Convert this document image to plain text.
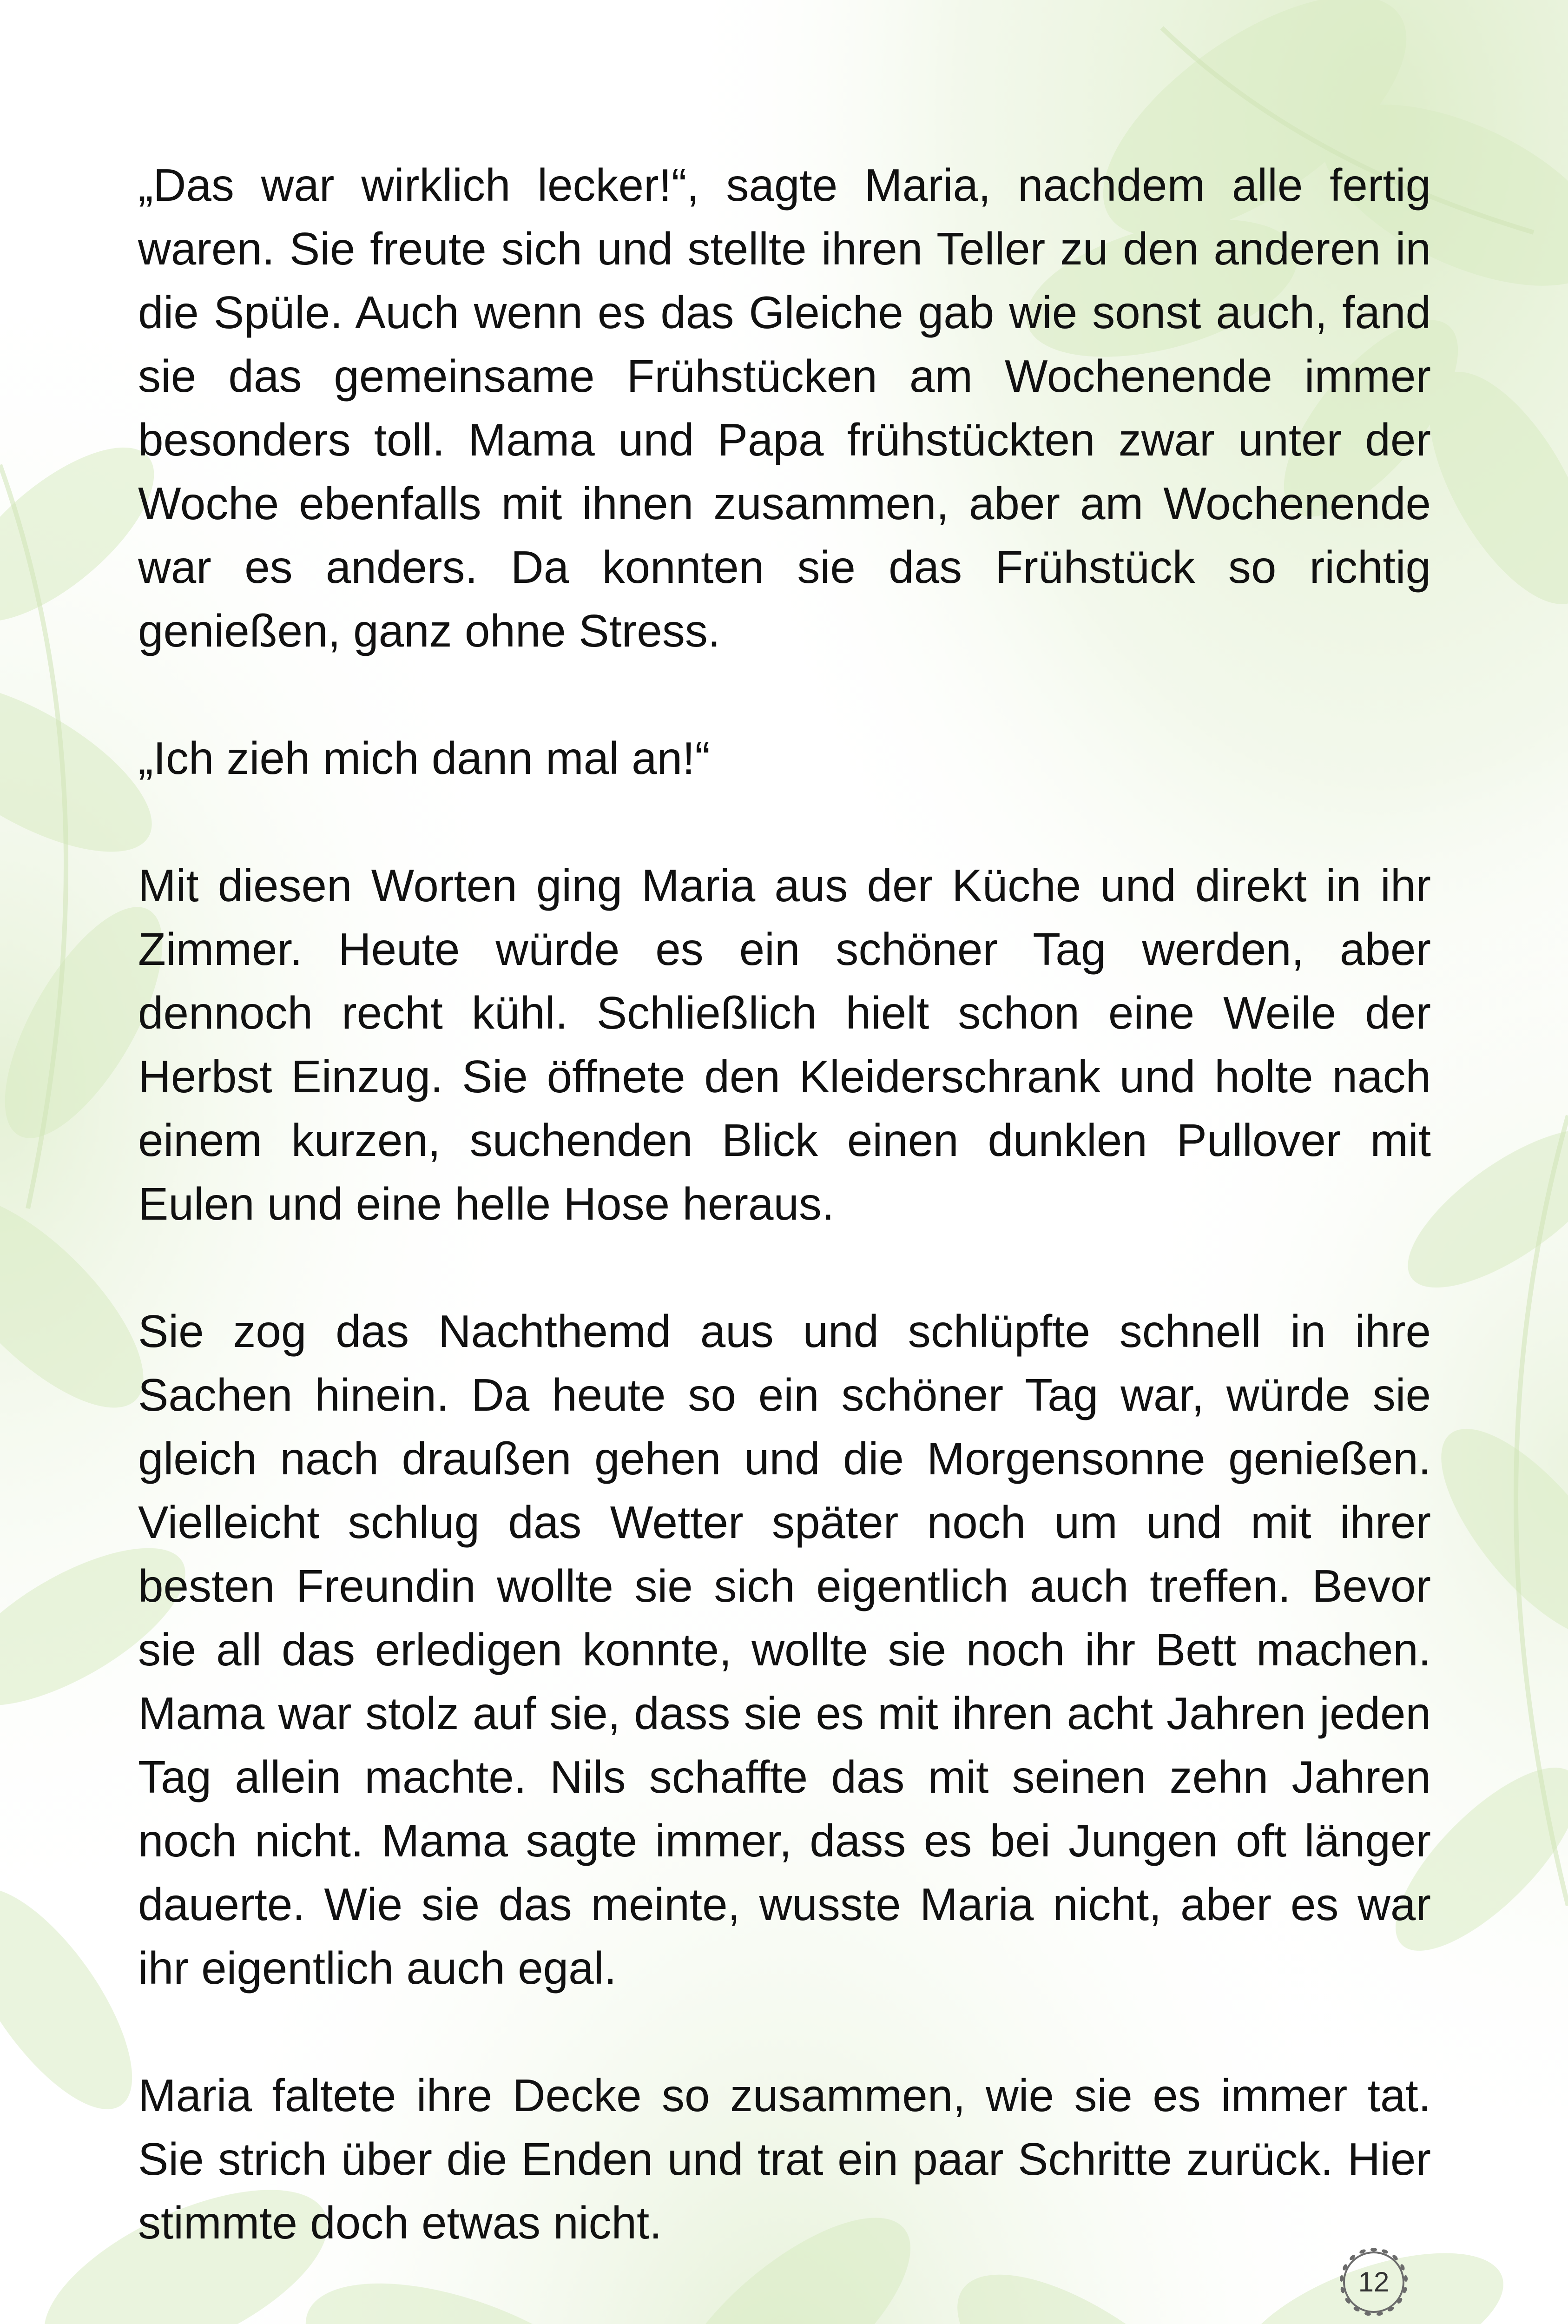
„Das war wirklich lecker!“, sagte Maria, nachdem alle fertig waren. Sie freute sich und stellte ihren Teller zu den anderen in die Spüle. Auch wenn es das Gleiche gab wie sonst auch, fand sie das gemeinsame Frühstücken am Wochenende immer besonders toll. Mama und Papa frühstückten zwar unter der Woche ebenfalls mit ihnen zusammen, aber am Wochenende war es anders. Da konnten sie das Frühstück so richtig genießen, ganz ohne Stress.

„Ich zieh mich dann mal an!“

Mit diesen Worten ging Maria aus der Küche und direkt in ihr Zimmer. Heute würde es ein schöner Tag werden, aber dennoch recht kühl. Schließlich hielt schon eine Weile der Herbst Einzug. Sie öffnete den Kleiderschrank und holte nach einem kurzen, suchenden Blick einen dunklen Pullover mit Eulen und eine helle Hose heraus.

Sie zog das Nachthemd aus und schlüpfte schnell in ihre Sachen hinein. Da heute so ein schöner Tag war, würde sie gleich nach draußen gehen und die Morgensonne genießen. Vielleicht schlug das Wetter später noch um und mit ihrer besten Freundin wollte sie sich eigentlich auch treffen. Bevor sie all das erledigen konnte, wollte sie noch ihr Bett machen. Mama war stolz auf sie, dass sie es mit ihren acht Jahren jeden Tag allein machte. Nils schaffte das mit seinen zehn Jahren noch nicht. Mama sagte immer, dass es bei Jungen oft länger dauerte. Wie sie das meinte, wusste Maria nicht, aber es war ihr eigentlich auch egal.

Maria faltete ihre Decke so zusammen, wie sie es immer tat. Sie strich über die Enden und trat ein paar Schritte zurück. Hier stimmte doch etwas nicht.

12
